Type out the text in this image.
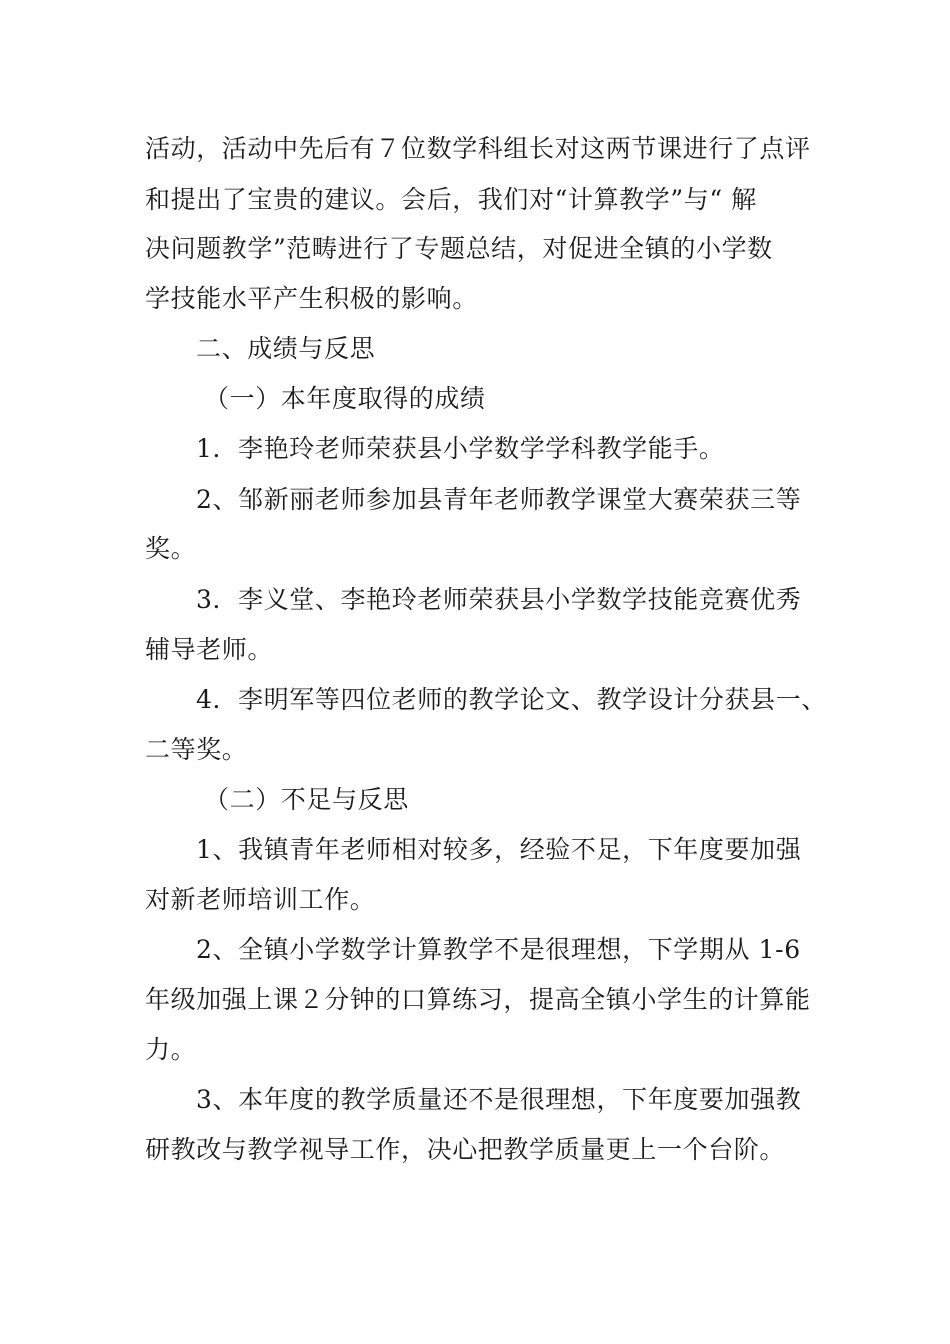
活动，活动中先后有７位数学科组长对这两节课进行了点评
和提出了宝贵的建议。会后，我们对“计算教学”与“ 解
决问题教学”范畴进行了专题总结，对促进全镇的小学数
学技能水平产生积极的影响。
二、成绩与反思
（一）本年度取得的成绩
1．李艳玲老师荣获县小学数学学科教学能手。
2、邹新丽老师参加县青年老师教学课堂大赛荣获三等
奖。
3．李义堂、李艳玲老师荣获县小学数学技能竞赛优秀
辅导老师。
4．李明军等四位老师的教学论文、教学设计分获县一、
二等奖。
（二）不足与反思
1、我镇青年老师相对较多，经验不足，下年度要加强
对新老师培训工作。
2、全镇小学数学计算教学不是很理想，下学期从 1-6
年级加强上课２分钟的口算练习，提高全镇小学生的计算能
力。
3、本年度的教学质量还不是很理想，下年度要加强教
研教改与教学视导工作，决心把教学质量更上一个台阶。
